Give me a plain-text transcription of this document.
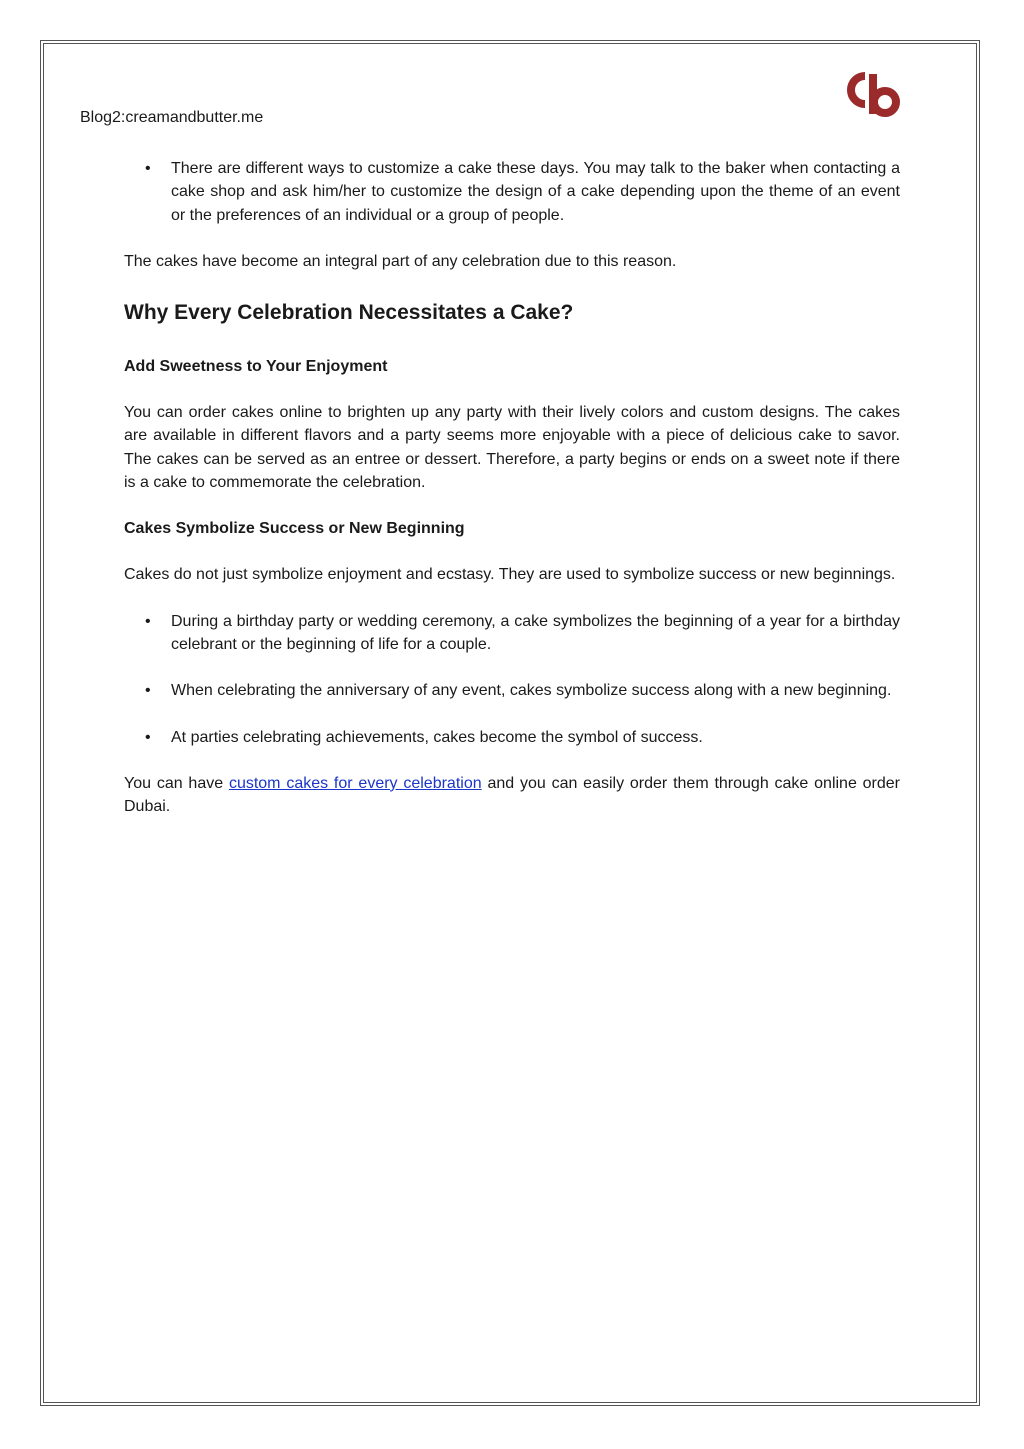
Blog2:creamandbutter.me
• There are different ways to customize a cake these days. You may talk to the baker when contacting a cake shop and ask him/her to customize the design of a cake depending upon the theme of an event or the preferences of an individual or a group of people.

The cakes have become an integral part of any celebration due to this reason.

Why Every Celebration Necessitates a Cake?
Add Sweetness to Your Enjoyment

You can order cakes online to brighten up any party with their lively colors and custom designs. The cakes are available in different flavors and a party seems more enjoyable with a piece of delicious cake to savor. The cakes can be served as an entree or dessert. Therefore, a party begins or ends on a sweet note if there is a cake to commemorate the celebration.

Cakes Symbolize Success or New Beginning

Cakes do not just symbolize enjoyment and ecstasy. They are used to symbolize success or new beginnings.

• During a birthday party or wedding ceremony, a cake symbolizes the beginning of a year for a birthday celebrant or the beginning of life for a couple.
• When celebrating the anniversary of any event, cakes symbolize success along with a new beginning.
• At parties celebrating achievements, cakes become the symbol of success.

You can have custom cakes for every celebration and you can easily order them through cake online order Dubai.
